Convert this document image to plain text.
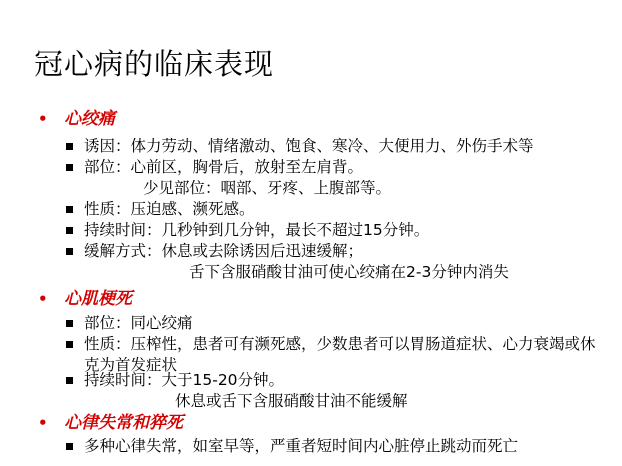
冠心病的临床表现
• 心绞痛
诱因：体力劳动、情绪激动、饱食、寒冷、大便用力、外伤手术等
部位：心前区，胸骨后，放射至左肩背。
少见部位：咽部、牙疼、上腹部等。
性质：压迫感、濒死感。
持续时间：几秒钟到几分钟，最长不超过15分钟。
缓解方式：休息或去除诱因后迅速缓解；
舌下含服硝酸甘油可使心绞痛在2-3分钟内消失
• 心肌梗死
部位：同心绞痛
性质：压榨性，患者可有濒死感，少数患者可以胃肠道症状、心力衰竭或休克为首发症状
持续时间：大于15-20分钟。
休息或舌下含服硝酸甘油不能缓解
• 心律失常和猝死
多种心律失常，如室早等，严重者短时间内心脏停止跳动而死亡
